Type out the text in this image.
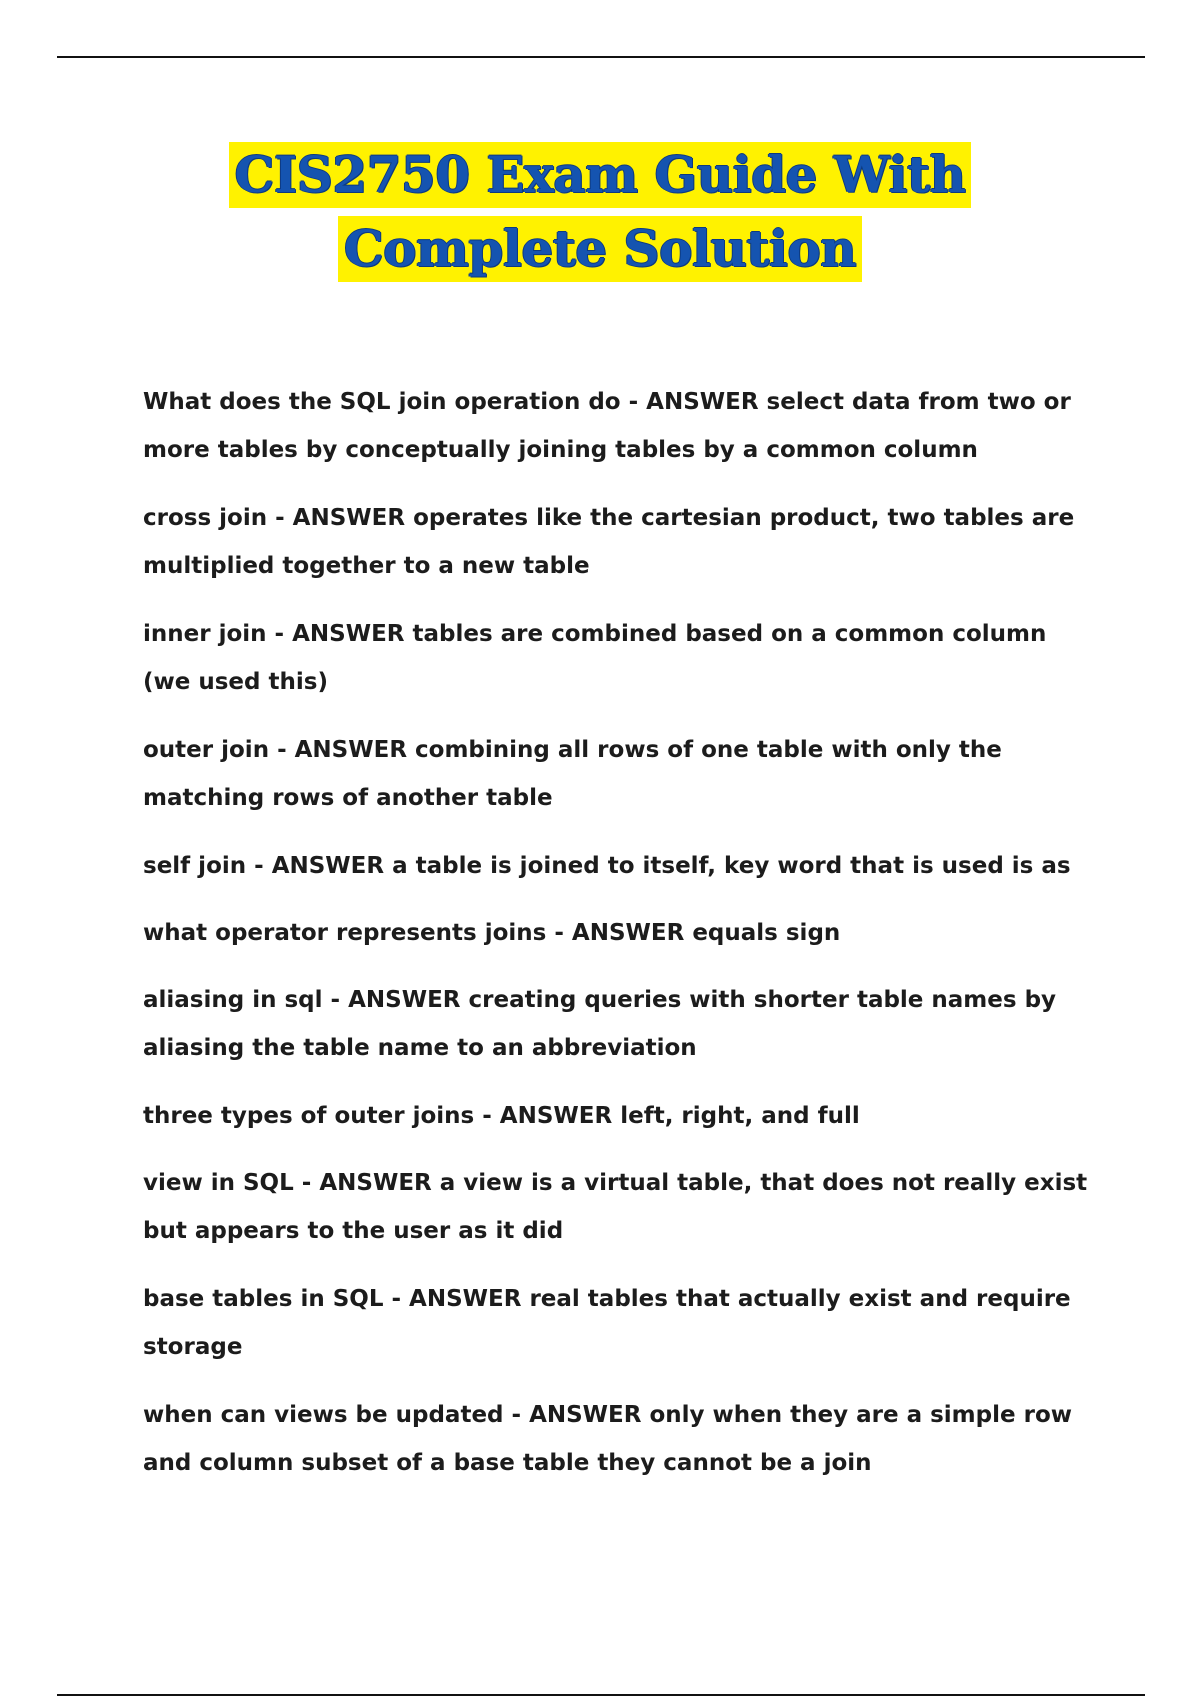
CIS2750 Exam Guide With
Complete Solution
What does the SQL join operation do - ANSWER select data from two or more tables by conceptually joining tables by a common column
cross join - ANSWER operates like the cartesian product, two tables are multiplied together to a new table
inner join - ANSWER tables are combined based on a common column (we used this)
outer join - ANSWER combining all rows of one table with only the matching rows of another table
self join - ANSWER a table is joined to itself, key word that is used is as
what operator represents joins - ANSWER equals sign
aliasing in sql - ANSWER creating queries with shorter table names by aliasing the table name to an abbreviation
three types of outer joins - ANSWER left, right, and full
view in SQL - ANSWER a view is a virtual table, that does not really exist but appears to the user as it did
base tables in SQL - ANSWER real tables that actually exist and require storage
when can views be updated - ANSWER only when they are a simple row and column subset of a base table they cannot be a join
